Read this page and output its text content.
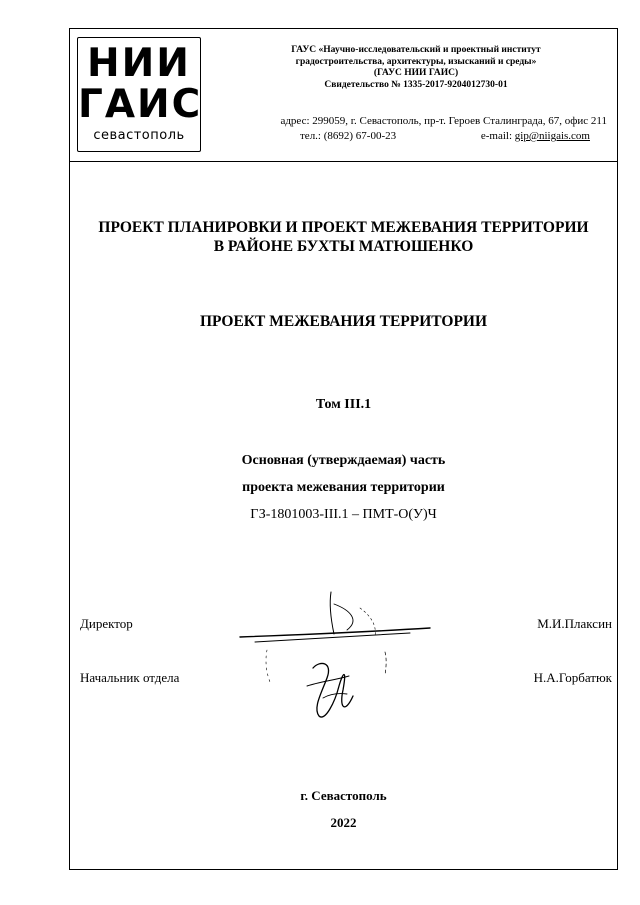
НИИ
ГАИС
севастополь
ГАУС «Научно-исследовательский и проектный институт
градостроительства, архитектуры, изысканий и среды»
(ГАУС НИИ ГАИС)
Свидетельство № 1335-2017-9204012730-01
адрес: 299059, г. Севастополь, пр-т. Героев Сталинграда, 67, офис 211
тел.: (8692) 67-00-23	e-mail: gip@niigais.com
ПРОЕКТ ПЛАНИРОВКИ И ПРОЕКТ МЕЖЕВАНИЯ ТЕРРИТОРИИ
В РАЙОНЕ БУХТЫ МАТЮШЕНКО
ПРОЕКТ МЕЖЕВАНИЯ ТЕРРИТОРИИ
Том III.1
Основная (утверждаемая) часть
проекта межевания территории
ГЗ-1801003-III.1 – ПМТ-О(У)Ч
Директор	М.И.Плаксин
Начальник отдела	Н.А.Горбатюк
г. Севастополь
2022
